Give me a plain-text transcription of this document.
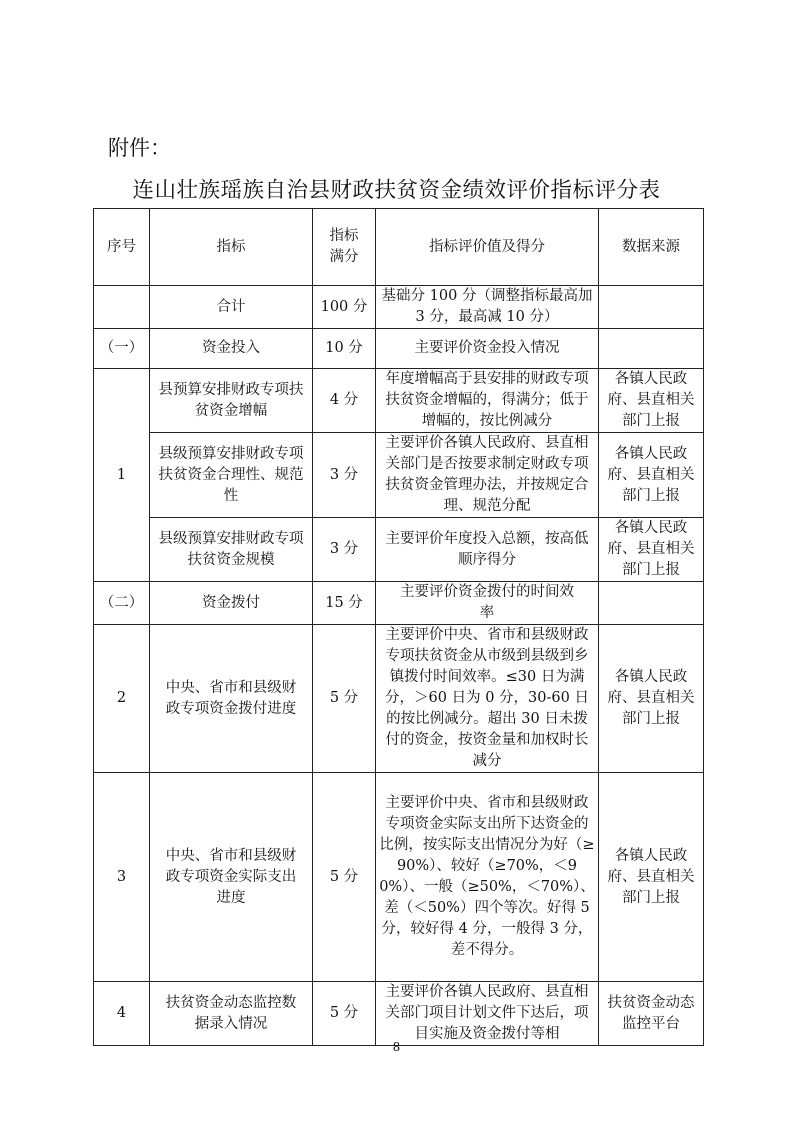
附件：
连山壮族瑶族自治县财政扶贫资金绩效评价指标评分表
序号	指标	指标满分	指标评价值及得分	数据来源
	合计	100 分	基础分 100 分（调整指标最高加 3 分，最高减 10 分）	
（一）	资金投入	10 分	主要评价资金投入情况	
1	县预算安排财政专项扶贫资金增幅	4 分	年度增幅高于县安排的财政专项扶贫资金增幅的，得满分；低于增幅的，按比例减分	各镇人民政府、县直相关部门上报
	县级预算安排财政专项扶贫资金合理性、规范性	3 分	主要评价各镇人民政府、县直相关部门是否按要求制定财政专项扶贫资金管理办法，并按规定合理、规范分配	各镇人民政府、县直相关部门上报
	县级预算安排财政专项扶贫资金规模	3 分	主要评价年度投入总额，按高低顺序得分	各镇人民政府、县直相关部门上报
（二）	资金拨付	15 分	主要评价资金拨付的时间效率	
2	中央、省市和县级财政专项资金拨付进度	5 分	主要评价中央、省市和县级财政专项扶贫资金从市级到县级到乡镇拨付时间效率。≤30 日为满分，＞60 日为 0 分，30-60 日的按比例减分。超出 30 日未拨付的资金，按资金量和加权时长减分	各镇人民政府、县直相关部门上报
3	中央、省市和县级财政专项资金实际支出进度	5 分	主要评价中央、省市和县级财政专项资金实际支出所下达资金的比例，按实际支出情况分为好（≥90%）、较好（≥70%，＜90%）、一般（≥50%，＜70%）、差（＜50%）四个等次。好得 5 分，较好得 4 分，一般得 3 分，差不得分。	各镇人民政府、县直相关部门上报
4	扶贫资金动态监控数据录入情况	5 分	主要评价各镇人民政府、县直相关部门项目计划文件下达后，项目实施及资金拨付等相	扶贫资金动态监控平台
8
